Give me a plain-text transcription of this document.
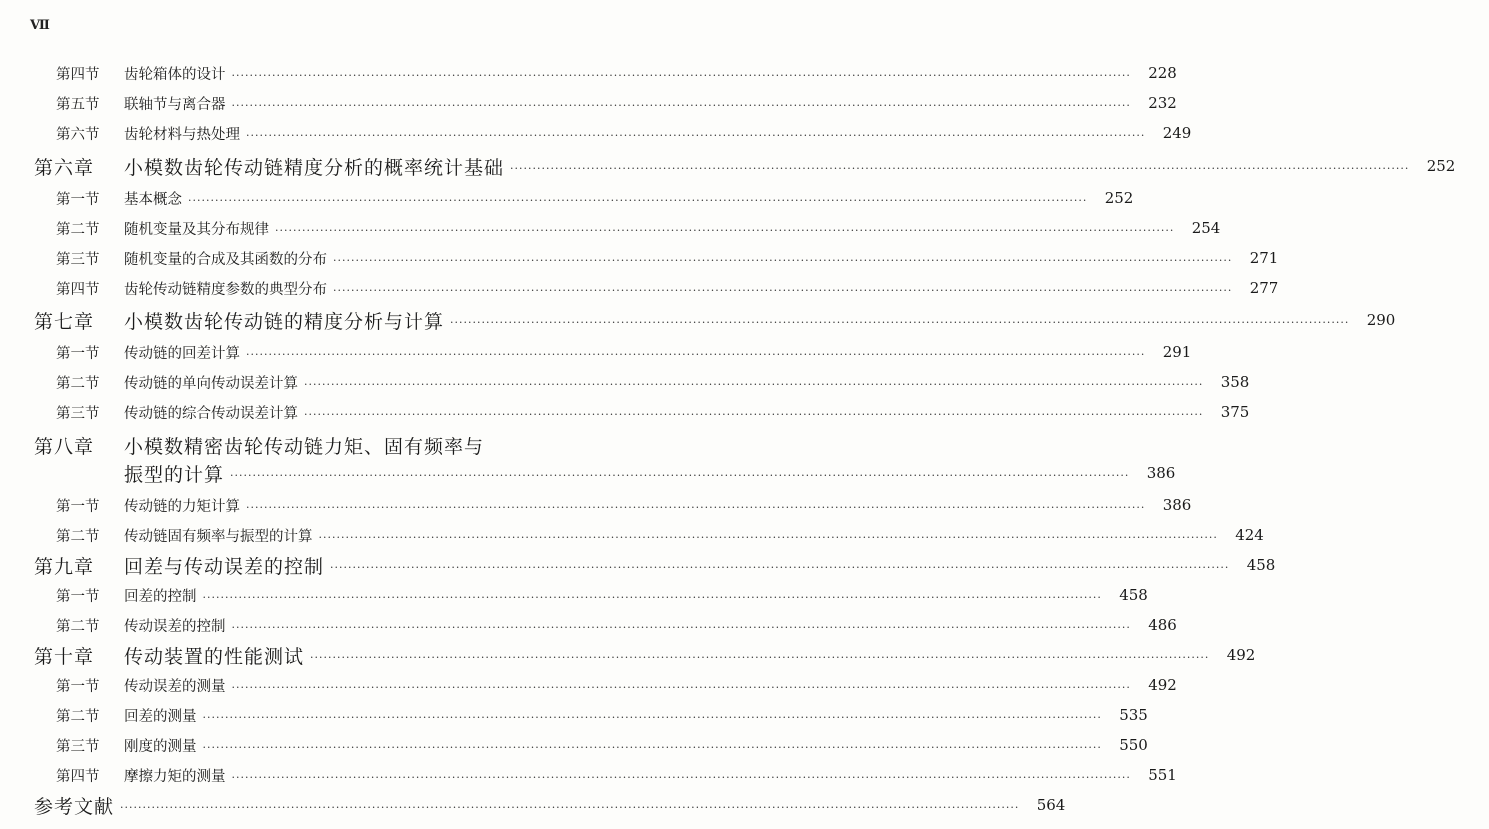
Ⅶ
第四节	齿轮箱体的设计 ········································································································································································································	228
第五节	联轴节与离合器 ········································································································································································································	232
第六节	齿轮材料与热处理 ········································································································································································································	249
第六章	小模数齿轮传动链精度分析的概率统计基础 ········································································································································································································	252
第一节	基本概念 ········································································································································································································	252
第二节	随机变量及其分布规律 ········································································································································································································	254
第三节	随机变量的合成及其函数的分布 ········································································································································································································	271
第四节	齿轮传动链精度参数的典型分布 ········································································································································································································	277
第七章	小模数齿轮传动链的精度分析与计算 ········································································································································································································	290
第一节	传动链的回差计算 ········································································································································································································	291
第二节	传动链的单向传动误差计算 ········································································································································································································	358
第三节	传动链的综合传动误差计算 ········································································································································································································	375
第八章	小模数精密齿轮传动链力矩、固有频率与
振型的计算 ········································································································································································································	386
第一节	传动链的力矩计算 ········································································································································································································	386
第二节	传动链固有频率与振型的计算 ········································································································································································································	424
第九章	回差与传动误差的控制 ········································································································································································································	458
第一节	回差的控制 ········································································································································································································	458
第二节	传动误差的控制 ········································································································································································································	486
第十章	传动装置的性能测试 ········································································································································································································	492
第一节	传动误差的测量 ········································································································································································································	492
第二节	回差的测量 ········································································································································································································	535
第三节	刚度的测量 ········································································································································································································	550
第四节	摩擦力矩的测量 ········································································································································································································	551
参考文献 ········································································································································································································	564
